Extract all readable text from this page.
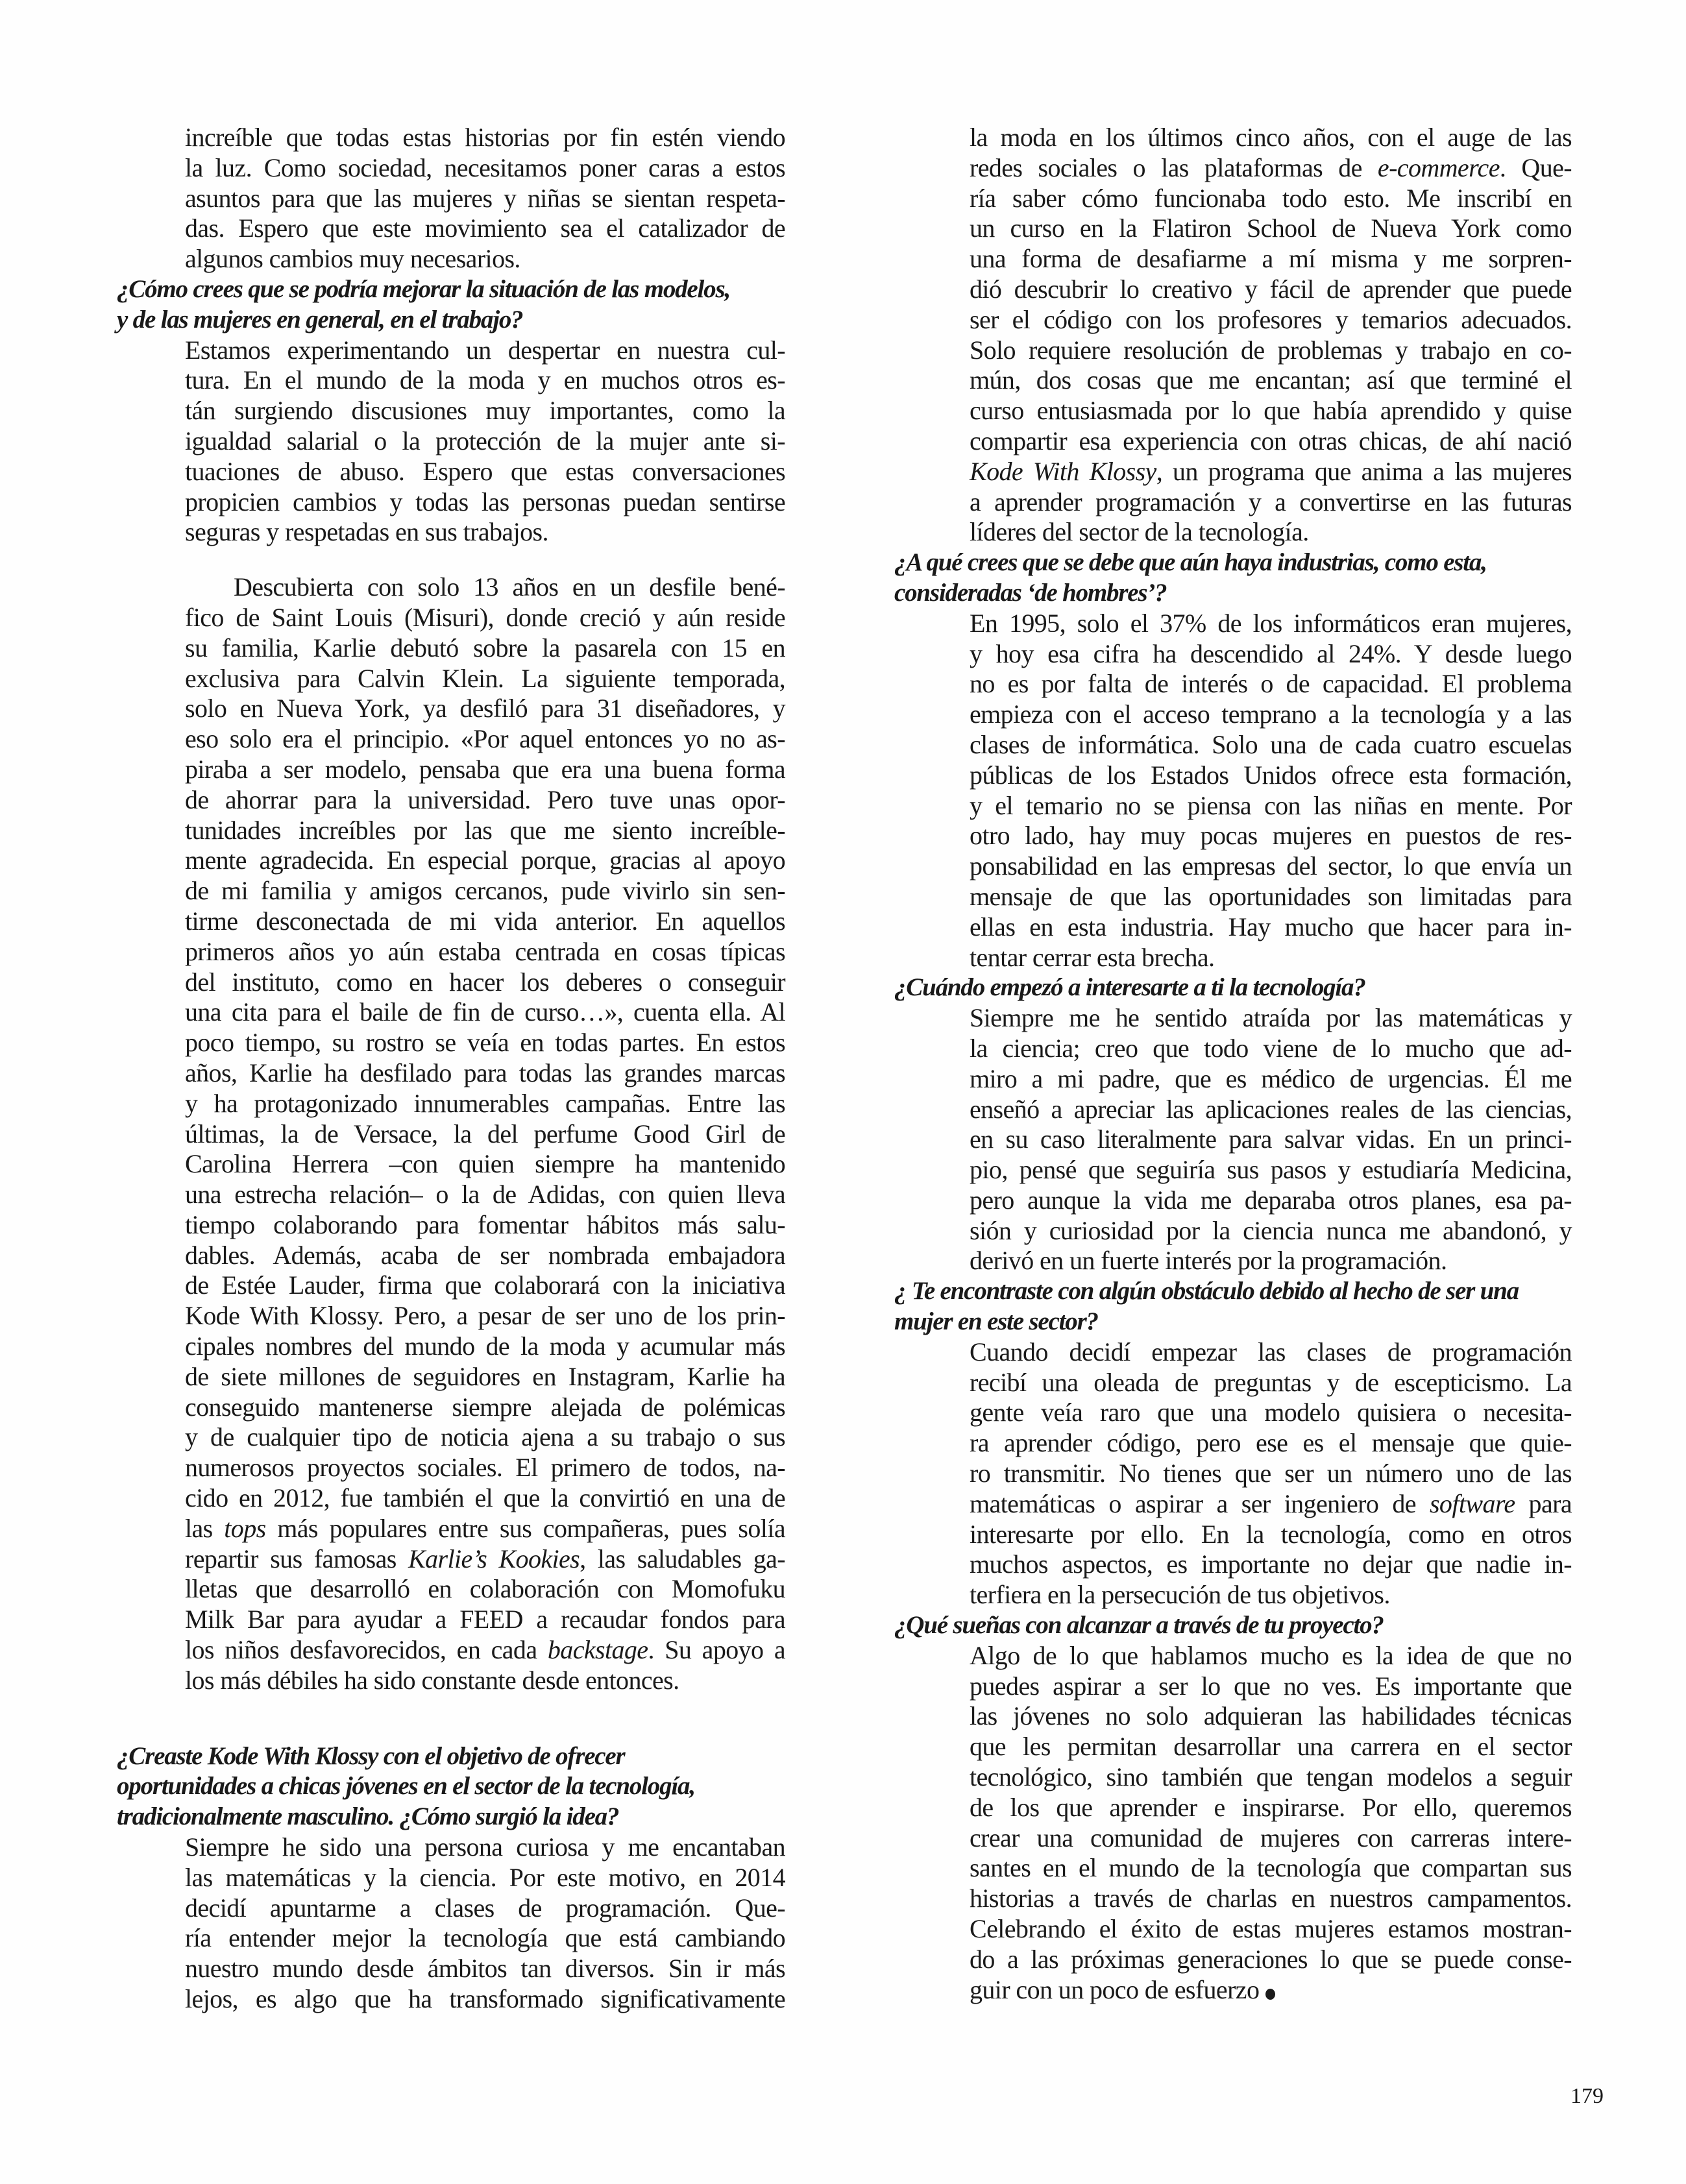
increíble que todas estas historias por fin estén viendo
la luz. Como sociedad, necesitamos poner caras a estos
asuntos para que las mujeres y niñas se sientan respeta-
das. Espero que este movimiento sea el catalizador de
algunos cambios muy necesarios.
¿Cómo crees que se podría mejorar la situación de las modelos,
y de las mujeres en general, en el trabajo?
Estamos experimentando un despertar en nuestra cul-
tura. En el mundo de la moda y en muchos otros es-
tán surgiendo discusiones muy importantes, como la
igualdad salarial o la protección de la mujer ante si-
tuaciones de abuso. Espero que estas conversaciones
propicien cambios y todas las personas puedan sentirse
seguras y respetadas en sus trabajos.
Descubierta con solo 13 años en un desfile bené-
fico de Saint Louis (Misuri), donde creció y aún reside
su familia, Karlie debutó sobre la pasarela con 15 en
exclusiva para Calvin Klein. La siguiente temporada,
solo en Nueva York, ya desfiló para 31 diseñadores, y
eso solo era el principio. «Por aquel entonces yo no as-
piraba a ser modelo, pensaba que era una buena forma
de ahorrar para la universidad. Pero tuve unas opor-
tunidades increíbles por las que me siento increíble-
mente agradecida. En especial porque, gracias al apoyo
de mi familia y amigos cercanos, pude vivirlo sin sen-
tirme desconectada de mi vida anterior. En aquellos
primeros años yo aún estaba centrada en cosas típicas
del instituto, como en hacer los deberes o conseguir
una cita para el baile de fin de curso…», cuenta ella. Al
poco tiempo, su rostro se veía en todas partes. En estos
años, Karlie ha desfilado para todas las grandes marcas
y ha protagonizado innumerables campañas. Entre las
últimas, la de Versace, la del perfume Good Girl de
Carolina Herrera –con quien siempre ha mantenido
una estrecha relación– o la de Adidas, con quien lleva
tiempo colaborando para fomentar hábitos más salu-
dables. Además, acaba de ser nombrada embajadora
de Estée Lauder, firma que colaborará con la iniciativa
Kode With Klossy. Pero, a pesar de ser uno de los prin-
cipales nombres del mundo de la moda y acumular más
de siete millones de seguidores en Instagram, Karlie ha
conseguido mantenerse siempre alejada de polémicas
y de cualquier tipo de noticia ajena a su trabajo o sus
numerosos proyectos sociales. El primero de todos, na-
cido en 2012, fue también el que la convirtió en una de
las tops más populares entre sus compañeras, pues solía
repartir sus famosas Karlie’s Kookies, las saludables ga-
lletas que desarrolló en colaboración con Momofuku
Milk Bar para ayudar a FEED a recaudar fondos para
los niños desfavorecidos, en cada backstage. Su apoyo a
los más débiles ha sido constante desde entonces.
¿Creaste Kode With Klossy con el objetivo de ofrecer
oportunidades a chicas jóvenes en el sector de la tecnología,
tradicionalmente masculino. ¿Cómo surgió la idea?
Siempre he sido una persona curiosa y me encantaban
las matemáticas y la ciencia. Por este motivo, en 2014
decidí apuntarme a clases de programación. Que-
ría entender mejor la tecnología que está cambiando
nuestro mundo desde ámbitos tan diversos. Sin ir más
lejos, es algo que ha transformado significativamente
la moda en los últimos cinco años, con el auge de las
redes sociales o las plataformas de e-commerce. Que-
ría saber cómo funcionaba todo esto. Me inscribí en
un curso en la Flatiron School de Nueva York como
una forma de desafiarme a mí misma y me sorpren-
dió descubrir lo creativo y fácil de aprender que puede
ser el código con los profesores y temarios adecuados.
Solo requiere resolución de problemas y trabajo en co-
mún, dos cosas que me encantan; así que terminé el
curso entusiasmada por lo que había aprendido y quise
compartir esa experiencia con otras chicas, de ahí nació
Kode With Klossy, un programa que anima a las mujeres
a aprender programación y a convertirse en las futuras
líderes del sector de la tecnología.
¿A qué crees que se debe que aún haya industrias, como esta,
consideradas ‘de hombres’?
En 1995, solo el 37% de los informáticos eran mujeres,
y hoy esa cifra ha descendido al 24%. Y desde luego
no es por falta de interés o de capacidad. El problema
empieza con el acceso temprano a la tecnología y a las
clases de informática. Solo una de cada cuatro escuelas
públicas de los Estados Unidos ofrece esta formación,
y el temario no se piensa con las niñas en mente. Por
otro lado, hay muy pocas mujeres en puestos de res-
ponsabilidad en las empresas del sector, lo que envía un
mensaje de que las oportunidades son limitadas para
ellas en esta industria. Hay mucho que hacer para in-
tentar cerrar esta brecha.
¿Cuándo empezó a interesarte a ti la tecnología?
Siempre me he sentido atraída por las matemáticas y
la ciencia; creo que todo viene de lo mucho que ad-
miro a mi padre, que es médico de urgencias. Él me
enseñó a apreciar las aplicaciones reales de las ciencias,
en su caso literalmente para salvar vidas. En un princi-
pio, pensé que seguiría sus pasos y estudiaría Medicina,
pero aunque la vida me deparaba otros planes, esa pa-
sión y curiosidad por la ciencia nunca me abandonó, y
derivó en un fuerte interés por la programación.
¿ Te encontraste con algún obstáculo debido al hecho de ser una
mujer en este sector?
Cuando decidí empezar las clases de programación
recibí una oleada de preguntas y de escepticismo. La
gente veía raro que una modelo quisiera o necesita-
ra aprender código, pero ese es el mensaje que quie-
ro transmitir. No tienes que ser un número uno de las
matemáticas o aspirar a ser ingeniero de software para
interesarte por ello. En la tecnología, como en otros
muchos aspectos, es importante no dejar que nadie in-
terfiera en la persecución de tus objetivos.
¿Qué sueñas con alcanzar a través de tu proyecto?
Algo de lo que hablamos mucho es la idea de que no
puedes aspirar a ser lo que no ves. Es importante que
las jóvenes no solo adquieran las habilidades técnicas
que les permitan desarrollar una carrera en el sector
tecnológico, sino también que tengan modelos a seguir
de los que aprender e inspirarse. Por ello, queremos
crear una comunidad de mujeres con carreras intere-
santes en el mundo de la tecnología que compartan sus
historias a través de charlas en nuestros campamentos.
Celebrando el éxito de estas mujeres estamos mostran-
do a las próximas generaciones lo que se puede conse-
guir con un poco de esfuerzo
179
